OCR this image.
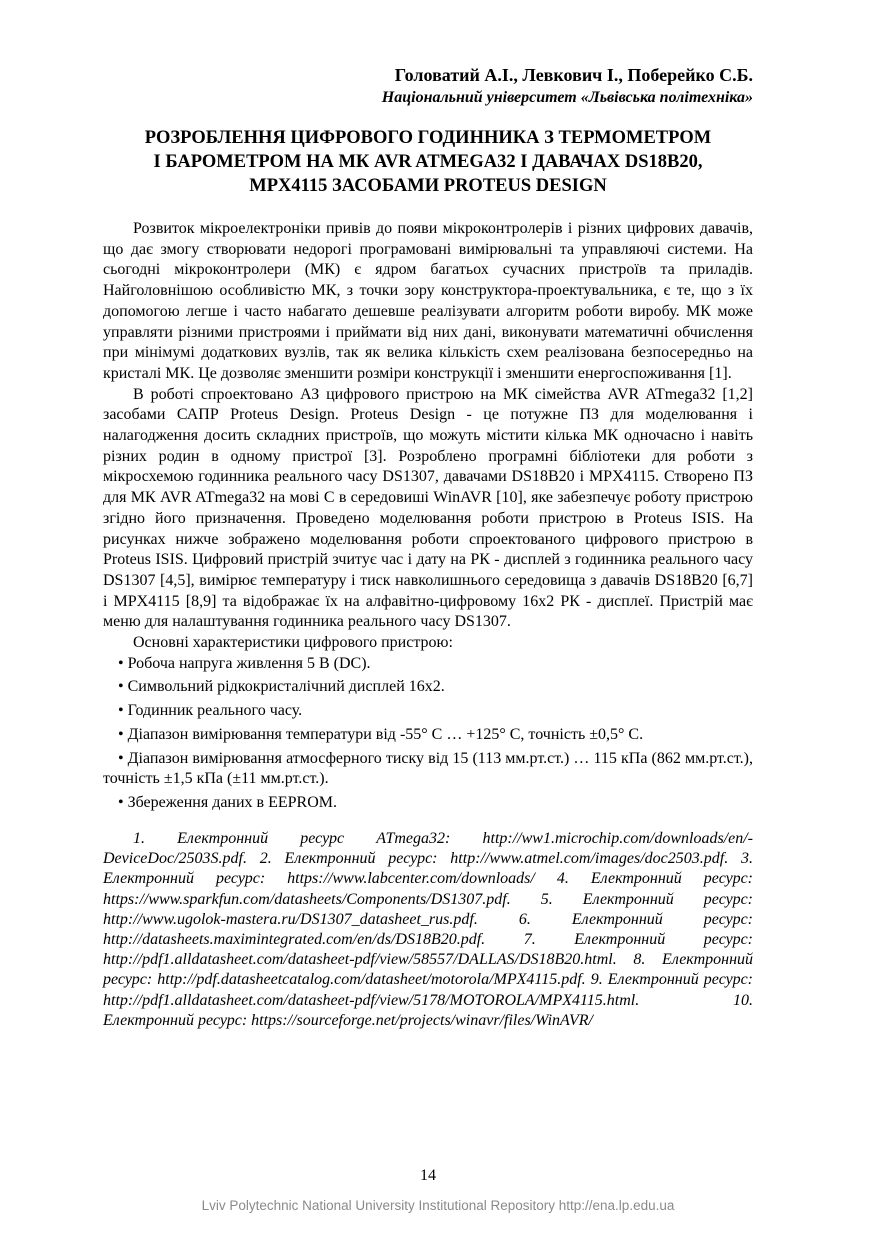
Головатий А.І., Левкович І., Поберейко С.Б.
Національний університет «Львівська політехніка»
РОЗРОБЛЕННЯ ЦИФРОВОГО ГОДИННИКА З ТЕРМОМЕТРОМ
І БАРОМЕТРОМ НА МК AVR ATMEGA32 І ДАВАЧАХ DS18B20,
MPX4115 ЗАСОБАМИ PROTEUS DESIGN

Розвиток мікроелектроніки привів до появи мікроконтролерів і різних цифрових давачів, що дає змогу створювати недорогі програмовані вимірювальні та управляючі системи. На сьогодні мікроконтролери (МК) є ядром багатьох сучасних пристроїв та приладів. Найголовнішою особливістю МК, з точки зору конструктора-проектувальника, є те, що з їх допомогою легше і часто набагато дешевше реалізувати алгоритм роботи виробу. МК може управляти різними пристроями і приймати від них дані, виконувати математичні обчислення при мінімумі додаткових вузлів, так як велика кількість схем реалізована безпосередньо на кристалі МК. Це дозволяє зменшити розміри конструкції і зменшити енергоспоживання [1].

В роботі спроектовано АЗ цифрового пристрою на МК сімейства AVR ATmega32 [1,2] засобами САПР Proteus Design. Proteus Design - це потужне ПЗ для моделювання і налагодження досить складних пристроїв, що можуть містити кілька МК одночасно і навіть різних родин в одному пристрої [3]. Розроблено програмні бібліотеки для роботи з мікросхемою годинника реального часу DS1307, давачами DS18B20 і MPX4115. Створено ПЗ для МК AVR ATmega32 на мові С в середовиші WinAVR [10], яке забезпечує роботу пристрою згідно його призначення. Проведено моделювання роботи пристрою в Proteus ISIS. На рисунках нижче зображено моделювання роботи спроектованого цифрового пристрою в Proteus ISIS. Цифровий пристрій зчитує час і дату на РК - дисплей з годинника реального часу DS1307 [4,5], вимірює температуру і тиск навколишнього середовища з давачів DS18B20 [6,7] і MPX4115 [8,9] та відображає їх на алфавітно-цифровому 16х2 РК - дисплеї. Пристрій має меню для налаштування годинника реального часу DS1307.

Основні характеристики цифрового пристрою:

• Робоча напруга живлення 5 В (DC).

• Символьний рідкокристалічний дисплей 16х2.

• Годинник реального часу.

• Діапазон вимірювання температури від -55° С … +125° С, точність ±0,5° С.

• Діапазон вимірювання атмосферного тиску від 15 (113 мм.рт.ст.) … 115 кПа (862 мм.рт.ст.), точність ±1,5 кПа (±11 мм.рт.ст.).

• Збереження даних в EEPROM.

1. Електронний ресурс ATmega32: http://ww1.microchip.com/downloads/en/-DeviceDoc/2503S.pdf. 2. Електронний ресурс: http://www.atmel.com/images/doc2503.pdf. 3. Електронний ресурс: https://www.labcenter.com/downloads/ 4. Електронний ресурс: https://www.sparkfun.com/datasheets/Components/DS1307.pdf. 5. Електронний ресурс: http://www.ugolok-mastera.ru/DS1307_datasheet_rus.pdf. 6. Електронний ресурс: http://datasheets.maximintegrated.com/en/ds/DS18B20.pdf. 7. Електронний ресурс: http://pdf1.alldatasheet.com/datasheet-pdf/view/58557/DALLAS/DS18B20.html. 8. Електронний ресурс: http://pdf.datasheetcatalog.com/datasheet/motorola/MPX4115.pdf. 9. Електронний ресурс: http://pdf1.alldatasheet.com/datasheet-pdf/view/5178/MOTOROLA/MPX4115.html. 10. Електронний ресурс: https://sourceforge.net/projects/winavr/files/WinAVR/
14
Lviv Polytechnic National University Institutional Repository http://ena.lp.edu.ua
